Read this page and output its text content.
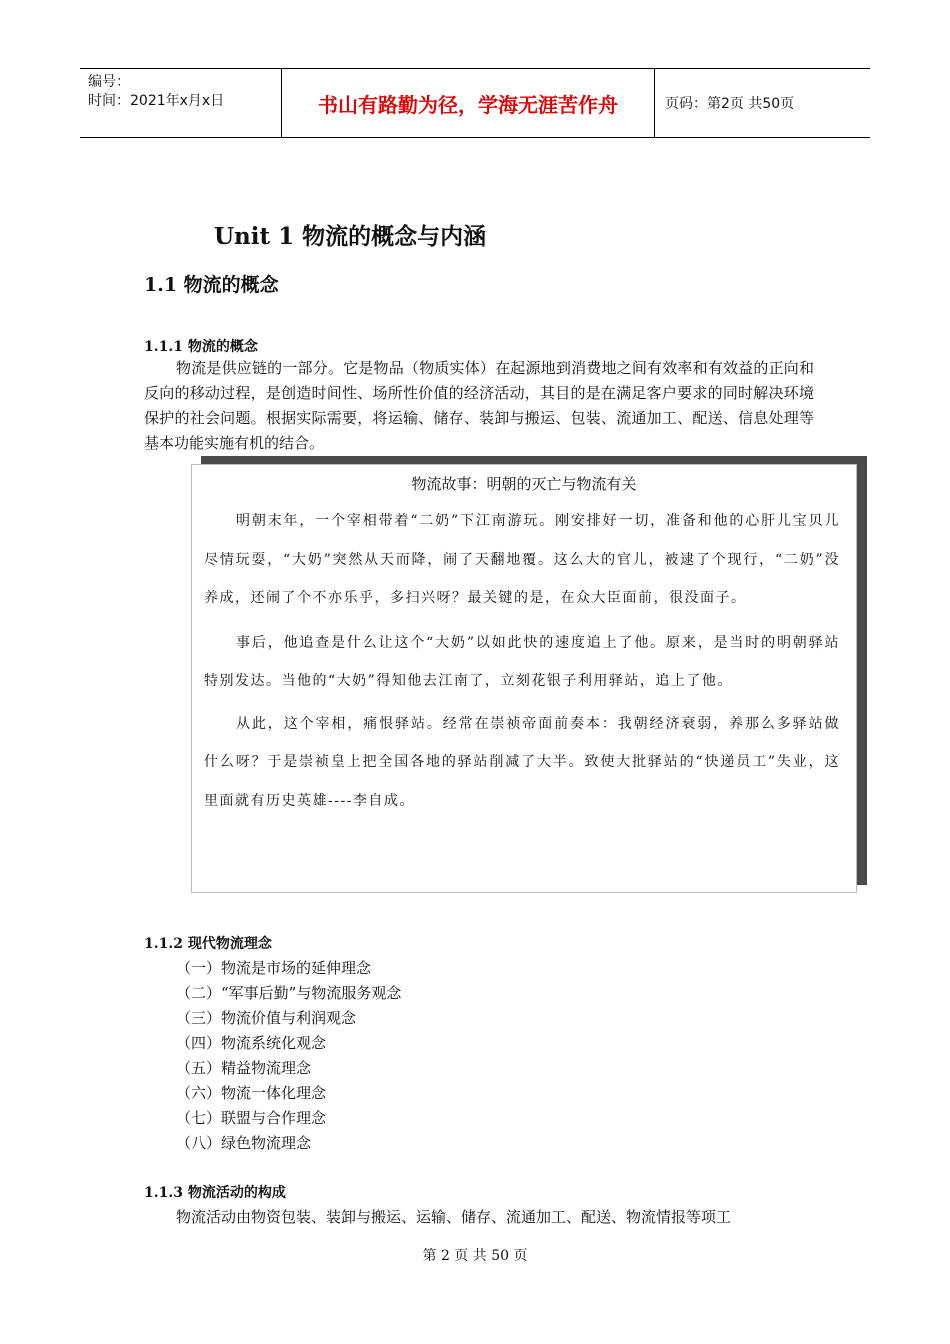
编号：
时间：2021年x月x日	书山有路勤为径，学海无涯苦作舟	页码：第2页 共50页
Unit 1 物流的概念与内涵
1.1 物流的概念
1.1.1 物流的概念

物流是供应链的一部分。它是物品（物质实体）在起源地到消费地之间有效率和有效益的正向和反向的移动过程，是创造时间性、场所性价值的经济活动，其目的是在满足客户要求的同时解决环境保护的社会问题。根据实际需要，将运输、储存、装卸与搬运、包装、流通加工、配送、信息处理等基本功能实施有机的结合。

物流故事：明朝的灭亡与物流有关

明朝末年，一个宰相带着“二奶”下江南游玩。刚安排好一切，准备和他的心肝儿宝贝儿尽情玩耍，“大奶”突然从天而降，闹了天翻地覆。这么大的官儿，被逮了个现行，“二奶”没养成，还闹了个不亦乐乎，多扫兴呀？最关键的是，在众大臣面前，很没面子。

事后，他追查是什么让这个“大奶”以如此快的速度追上了他。原来，是当时的明朝驿站特别发达。当他的“大奶”得知他去江南了，立刻花银子利用驿站，追上了他。

从此，这个宰相，痛恨驿站。经常在崇祯帝面前奏本：我朝经济衰弱，养那么多驿站做什么呀？于是崇祯皇上把全国各地的驿站削减了大半。致使大批驿站的“快递员工”失业，这里面就有历史英雄----李自成。

1.1.2 现代物流理念
（一）物流是市场的延伸理念
（二）“军事后勤”与物流服务观念
（三）物流价值与利润观念
（四）物流系统化观念
（五）精益物流理念
（六）物流一体化理念
（七）联盟与合作理念
（八）绿色物流理念
1.1.3 物流活动的构成

物流活动由物资包装、装卸与搬运、运输、储存、流通加工、配送、物流情报等项工

第 2 页 共 50 页
